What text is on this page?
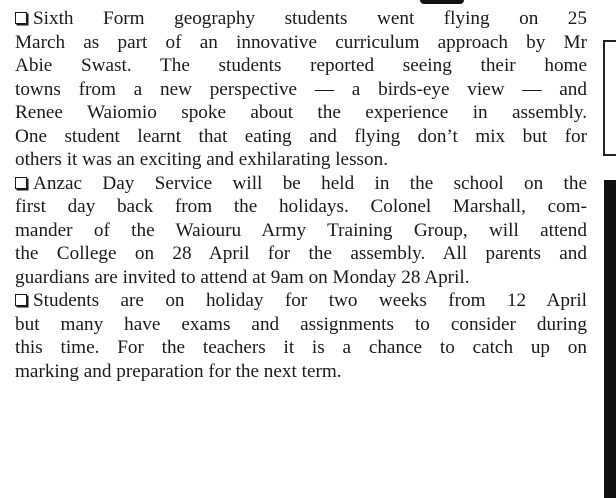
Sixth Form geography students went flying on 25
March as part of an innovative curriculum approach by Mr
Abie Swast. The students reported seeing their home
towns from a new perspective — a birds-eye view — and
Renee Waiomio spoke about the experience in assembly.
One student learnt that eating and flying don’t mix but for
others it was an exciting and exhilarating lesson.

Anzac Day Service will be held in the school on the
first day back from the holidays. Colonel Marshall, com-
mander of the Waiouru Army Training Group, will attend
the College on 28 April for the assembly. All parents and
guardians are invited to attend at 9am on Monday 28 April.

Students are on holiday for two weeks from 12 April
but many have exams and assignments to consider during
this time. For the teachers it is a chance to catch up on
marking and preparation for the next term.
